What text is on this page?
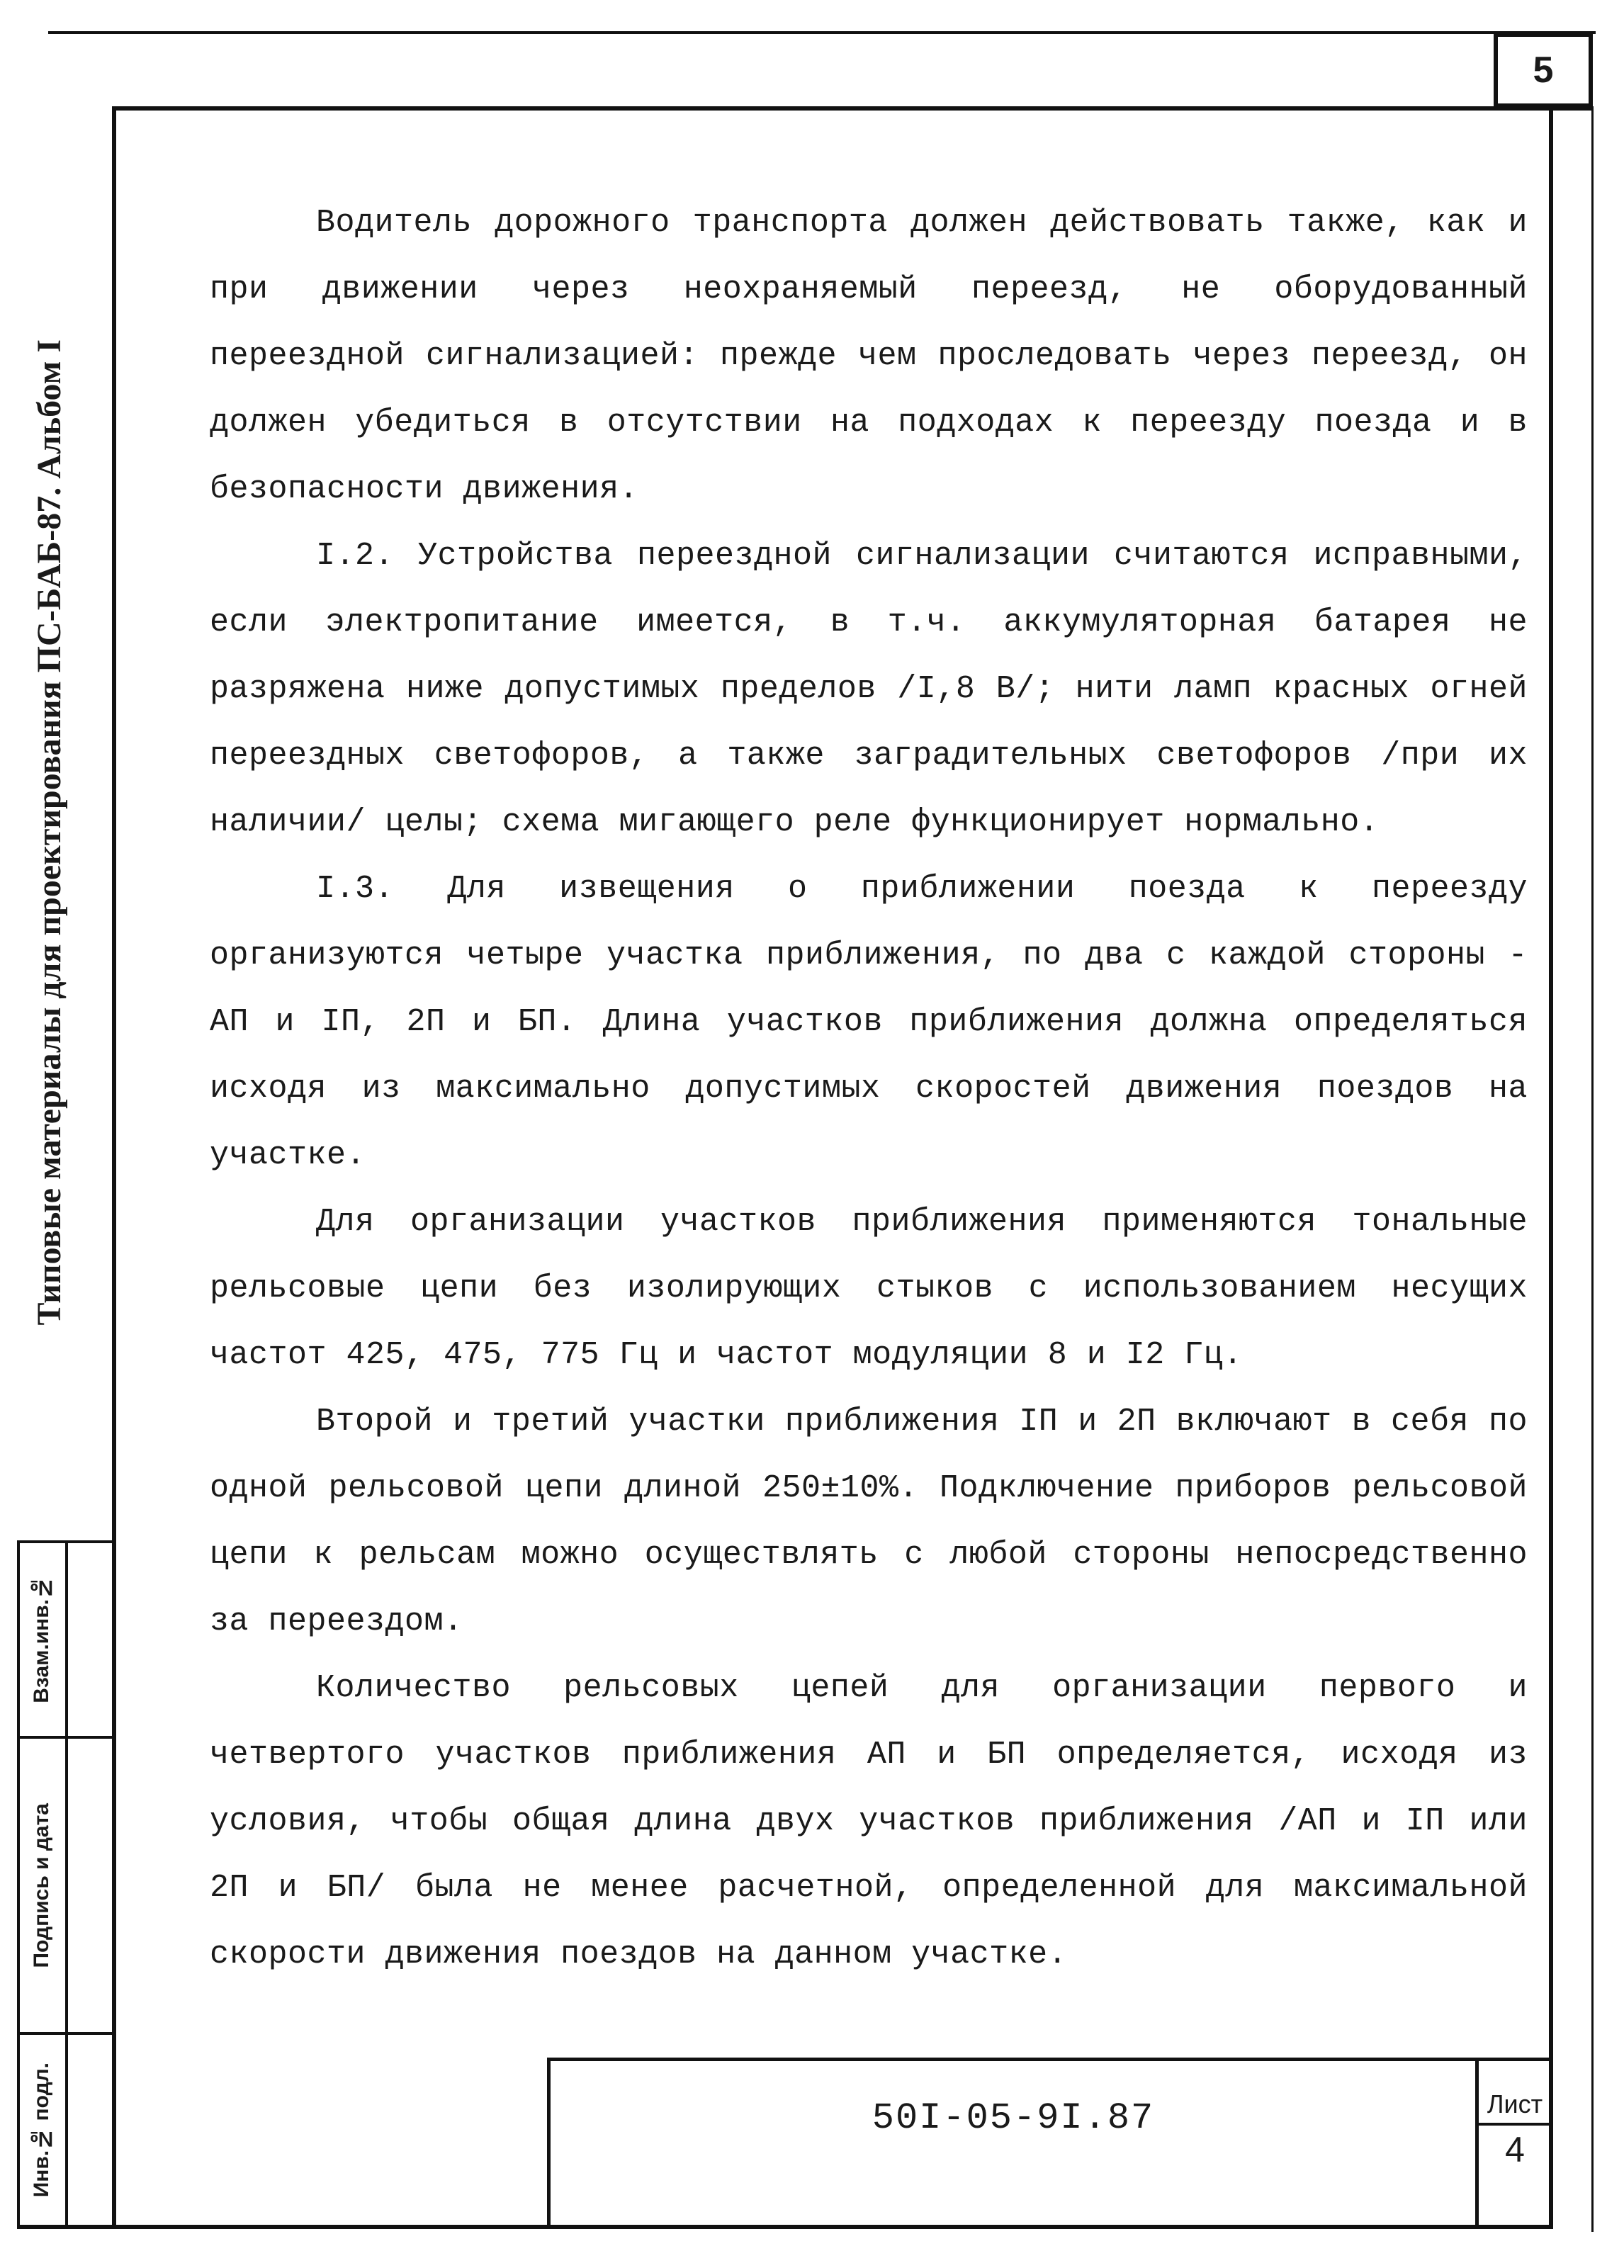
5
Типовые материалы для проектирования ПС-БАБ-87. Альбом I
Взам.инв.№
Подпись и дата
Инв.№ подл.

Водитель дорожного транспорта должен действовать также, как и при движении через неохраняемый переезд, не оборудованный переездной сигнализацией: прежде чем проследовать через переезд, он должен убедиться в отсутствии на подходах к переезду поезда и в безопасности движения.

I.2. Устройства переездной сигнализации считаются исправными, если электропитание имеется, в т.ч. аккумуляторная батарея не разряжена ниже допустимых пределов /I,8 В/; нити ламп красных огней переездных светофоров, а также заградительных светофоров /при их наличии/ целы; схема мигающего реле функционирует нормально.

I.3. Для извещения о приближении поезда к переезду организуются четыре участка приближения, по два с каждой стороны - АП и IП, 2П и БП. Длина участков приближения должна определяться исходя из максимально допустимых скоростей движения поездов на участке.

Для организации участков приближения применяются тональные рельсовые цепи без изолирующих стыков с использованием несущих частот 425, 475, 775 Гц и частот модуляции 8 и I2 Гц.

Второй и третий участки приближения IП и 2П включают в себя по одной рельсовой цепи длиной 250±10%. Подключение приборов рельсовой цепи к рельсам можно осуществлять с любой стороны непосредственно за переездом.

Количество рельсовых цепей для организации первого и четвертого участков приближения АП и БП определяется, исходя из условия, чтобы общая длина двух участков приближения /АП и IП или 2П и БП/ была не менее расчетной, определенной для максимальной скорости движения поездов на данном участке.

50I-05-9I.87	Лист
4
